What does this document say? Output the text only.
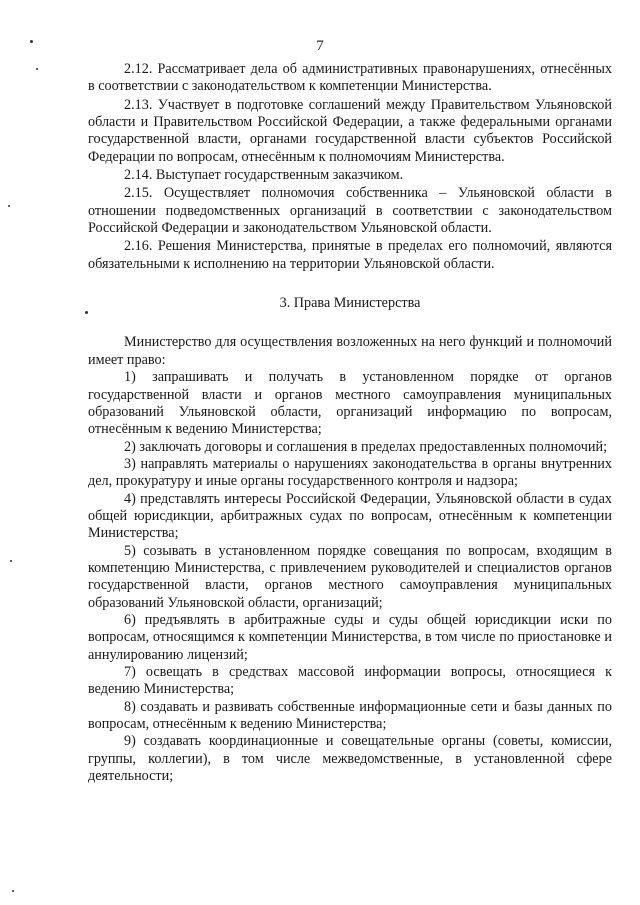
7

2.12. Рассматривает дела об административных правонарушениях, отнесённых в соответствии с законодательством к компетенции Министерства.

2.13. Участвует в подготовке соглашений между Правительством Ульяновской области и Правительством Российской Федерации, а также федеральными органами государственной власти, органами государственной власти субъектов Российской Федерации по вопросам, отнесённым к полномочиям Министерства.

2.14. Выступает государственным заказчиком.

2.15. Осуществляет полномочия собственника – Ульяновской области в отношении подведомственных организаций в соответствии с законодательством Российской Федерации и законодательством Ульяновской области.

2.16. Решения Министерства, принятые в пределах его полномочий, являются обязательными к исполнению на территории Ульяновской области.

3. Права Министерства

Министерство для осуществления возложенных на него функций и полномочий имеет право:

1) запрашивать и получать в установленном порядке от органов государственной власти и органов местного самоуправления муниципальных образований Ульяновской области, организаций информацию по вопросам, отнесённым к ведению Министерства;

2) заключать договоры и соглашения в пределах предоставленных полномочий;

3) направлять материалы о нарушениях законодательства в органы внутренних дел, прокуратуру и иные органы государственного контроля и надзора;

4) представлять интересы Российской Федерации, Ульяновской области в судах общей юрисдикции, арбитражных судах по вопросам, отнесённым к компетенции Министерства;

5) созывать в установленном порядке совещания по вопросам, входящим в компетенцию Министерства, с привлечением руководителей и специалистов органов государственной власти, органов местного самоуправления муниципальных образований Ульяновской области, организаций;

6) предъявлять в арбитражные суды и суды общей юрисдикции иски по вопросам, относящимся к компетенции Министерства, в том числе по приостановке и аннулированию лицензий;

7) освещать в средствах массовой информации вопросы, относящиеся к ведению Министерства;

8) создавать и развивать собственные информационные сети и базы данных по вопросам, отнесённым к ведению Министерства;

9) создавать координационные и совещательные органы (советы, комиссии, группы, коллегии), в том числе межведомственные, в установленной сфере деятельности;
